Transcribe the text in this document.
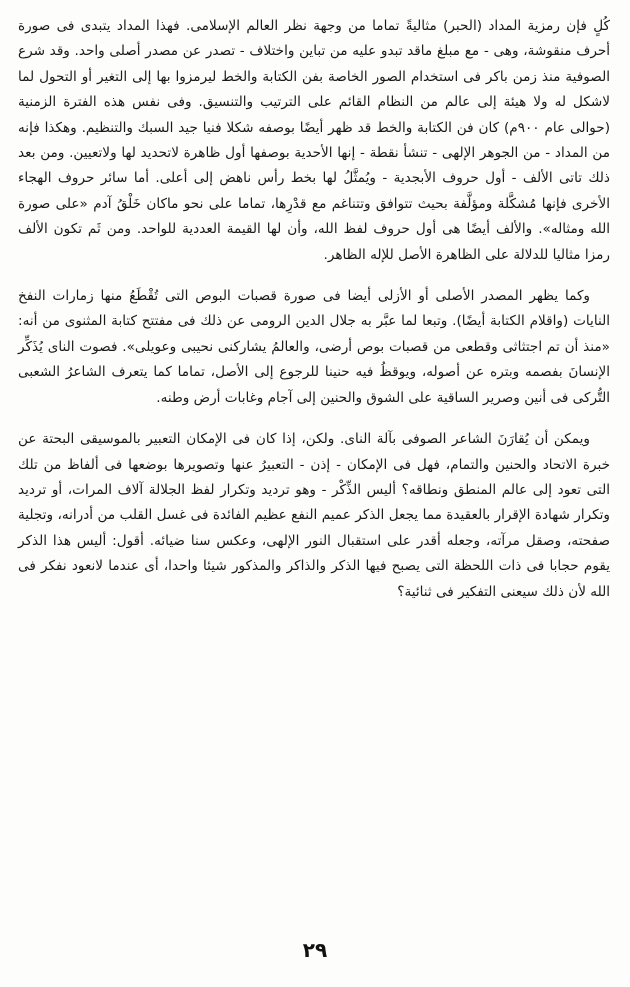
كُلٍ فإن رمزية المداد (الحبر) مثاليةً تماما من وجهة نظر العالم الإسلامى. فهذا المداد يتبدى فى صورة أحرف منقوشة، وهى - مع مبلغ ماقد تبدو عليه من تباين واختلاف - تصدر عن مصدر أصلى واحد. وقد شرع الصوفية منذ زمن باكر فى استخدام الصور الخاصة بفن الكتابة والخط ليرمزوا بها إلى التغير أو التحول لما لاشكل له ولا هيئة إلى عالم من النظام القائم على الترتيب والتنسيق. وفى نفس هذه الفترة الزمنية (حوالى عام ٩٠٠م) كان فن الكتابة والخط قد ظهر أيضًا بوصفه شكلا فنيا جيد السبك والتنظيم. وهكذا فإنه من المداد - من الجوهر الإلهى - تنشأ نقطة - إنها الأحدية بوصفها أول ظاهرة لاتحديد لها ولاتعيين. ومن بعد ذلك تاتى الألف - أول حروف الأبجدية - ويُمثَّلُ لها بخط رأس ناهض إلى أعلى. أما سائر حروف الهجاء الأخرى فإنها مُشكَّلة ومؤلَّفة بحيث تتوافق وتتناغم مع قدْرِها، تماما على نحو ماكان خَلْقُ آدم «على صورة الله ومثاله». والألف أيضًا هى أول حروف لفظ الله، وأن لها القيمة العددية للواحد. ومن ثَم تكون الألف رمزا مثاليا للدلالة على الظاهرة الأصل للإله الظاهر.

وكما يظهر المصدر الأصلى أو الأزلى أيضا فى صورة قصبات البوص التى تُقْطَعُ منها زمارات النفخ النايات (واقلام الكتابة أيضًا). وتبعا لما عبَّر به جلال الدين الرومى عن ذلك فى مفتتح كتابة المثنوى من أنه: «منذ أن تم اجتثاثى وقطعى من قصبات بوص أرضى، والعالمُ يشاركنى نحيبى وعويلى». فصوت الناى يُذَكِّر الإنسانَ بفصمه وبتره عن أصوله، ويوقظُ فيه حنينا للرجوع إلى الأصل، تماما كما يتعرف الشاعرُ الشعبى التُّركى فى أنين وصرير الساقية على الشوق والحنين إلى آجام وغابات أرض وطنه.

ويمكن أن يُقارَنَ الشاعر الصوفى بآلة الناى. ولكن، إذا كان فى الإمكان التعبير بالموسيقى البحتة عن خبرة الاتحاد والحنين والتمام، فهل فى الإمكان - إذن - التعبيرُ عنها وتصويرها بوضعها فى ألفاظ من تلك التى تعود إلى عالم المنطق ونطاقه؟ أليس الذِّكْر - وهو ترديد وتكرار لفظ الجلالة آلاف المرات، أو ترديد وتكرار شهادة الإقرار بالعقيدة مما يجعل الذكر عميم النفع عظيم الفائدة فى غسل القلب من أدرانه، وتجلية صفحته، وصقل مرآته، وجعله أقدر على استقبال النور الإلهى، وعكس سنا ضيائه. أقول: أليس هذا الذكر يقوم حجابا فى ذات اللحظة التى يصبح فيها الذكر والذاكر والمذكور شيئا واحدا، أى عندما لانعود نفكر فى الله لأن ذلك سيعنى التفكير فى ثنائية؟

٢٩
